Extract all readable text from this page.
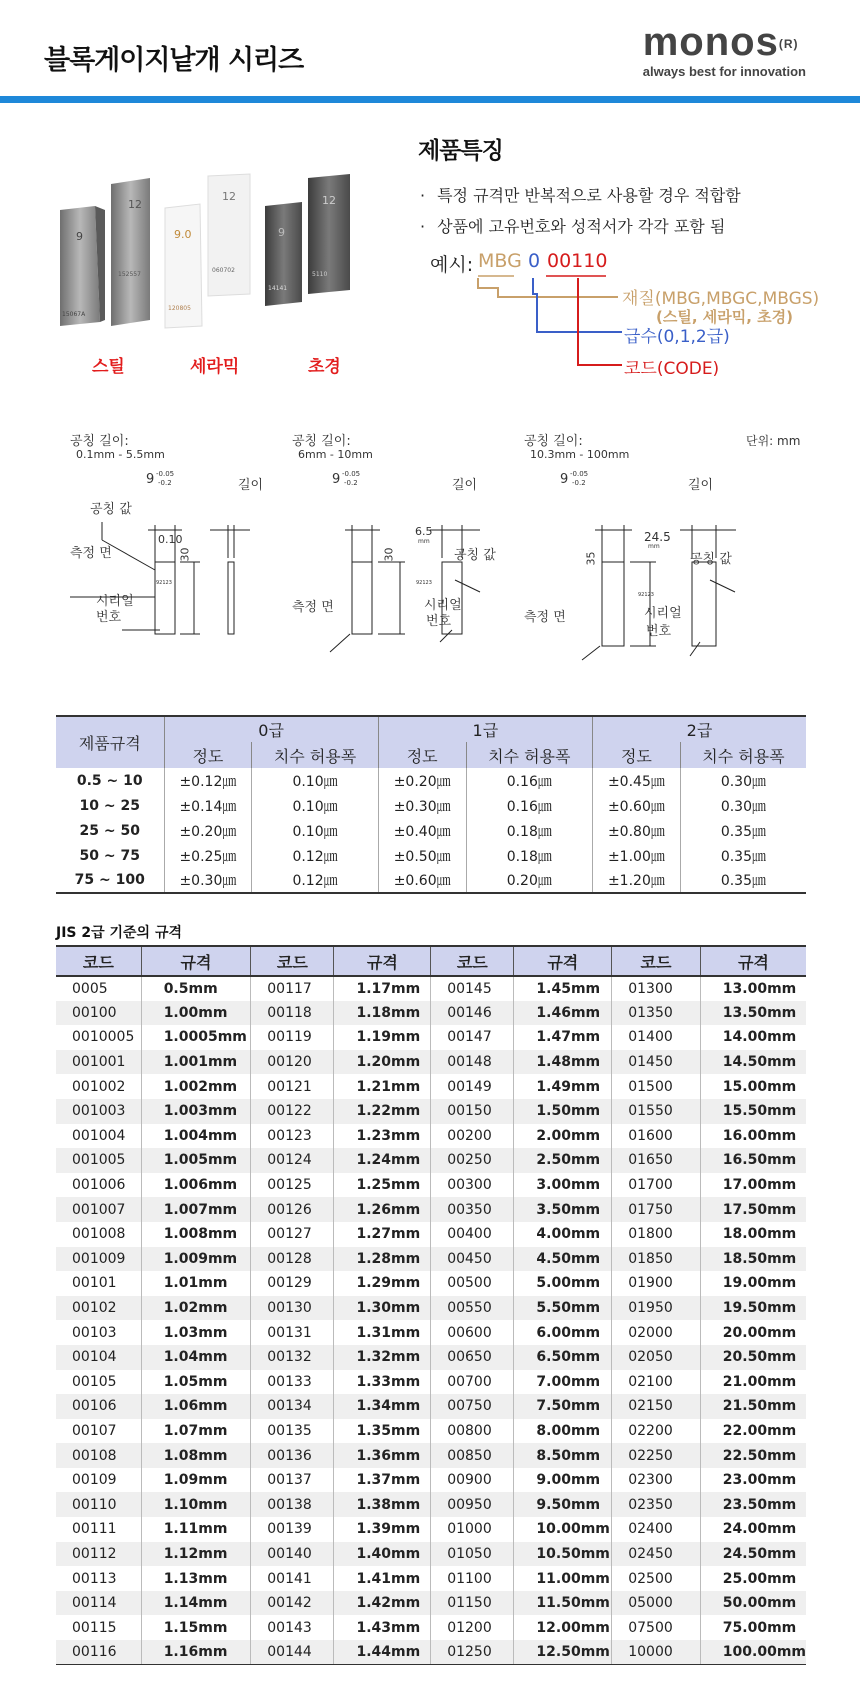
블록게이지낱개 시리즈	monos$^{(R)}$
always best for innovation
9
12
9.0
12
9
12
15067A
152557
120805
060702
14141
5110
스틸	세라믹	초경
제품특징
· 특정 규격만 반복적으로 사용할 경우 적합함
· 상품에 고유번호와 성적서가 각각 포함 됨
예시: MBG 0 00110
재질(MBG,MBGC,MBGS)
(스틸, 세라믹, 초경)
급수(0,1,2급)
코드(CODE)
단위: mm
공칭 길이:
0.1mm - 5.5mm
9 -0.05
-0.2	길이
공칭 값
0.10
30
측정 면
92123
시리얼
번호
공칭 길이:
6mm - 10mm
9 -0.05
-0.2	길이
30
6.5
mm
공칭 값
92123
측정 면	시리얼
번호
공칭 길이:
10.3mm - 100mm
9 -0.05
-0.2	길이
35
24.5
mm
공칭 값
92123
측정 면	시리얼
번호
제품규격	0급		1급		2급	
	정도	치수 허용폭	정도	치수 허용폭	정도	치수 허용폭
0.5 ~ 10	±0.12㎛	0.10㎛	±0.20㎛	0.16㎛	±0.45㎛	0.30㎛
10 ~ 25	±0.14㎛	0.10㎛	±0.30㎛	0.16㎛	±0.60㎛	0.30㎛
25 ~ 50	±0.20㎛	0.10㎛	±0.40㎛	0.18㎛	±0.80㎛	0.35㎛
50 ~ 75	±0.25㎛	0.12㎛	±0.50㎛	0.18㎛	±1.00㎛	0.35㎛
75 ~ 100	±0.30㎛	0.12㎛	±0.60㎛	0.20㎛	±1.20㎛	0.35㎛
JIS 2급 기준의 규격
코드	규격	코드	규격	코드	규격	코드	규격
0005	0.5mm	00117	1.17mm	00145	1.45mm	01300	13.00mm
00100	1.00mm	00118	1.18mm	00146	1.46mm	01350	13.50mm
0010005	1.0005mm	00119	1.19mm	00147	1.47mm	01400	14.00mm
001001	1.001mm	00120	1.20mm	00148	1.48mm	01450	14.50mm
001002	1.002mm	00121	1.21mm	00149	1.49mm	01500	15.00mm
001003	1.003mm	00122	1.22mm	00150	1.50mm	01550	15.50mm
001004	1.004mm	00123	1.23mm	00200	2.00mm	01600	16.00mm
001005	1.005mm	00124	1.24mm	00250	2.50mm	01650	16.50mm
001006	1.006mm	00125	1.25mm	00300	3.00mm	01700	17.00mm
001007	1.007mm	00126	1.26mm	00350	3.50mm	01750	17.50mm
001008	1.008mm	00127	1.27mm	00400	4.00mm	01800	18.00mm
001009	1.009mm	00128	1.28mm	00450	4.50mm	01850	18.50mm
00101	1.01mm	00129	1.29mm	00500	5.00mm	01900	19.00mm
00102	1.02mm	00130	1.30mm	00550	5.50mm	01950	19.50mm
00103	1.03mm	00131	1.31mm	00600	6.00mm	02000	20.00mm
00104	1.04mm	00132	1.32mm	00650	6.50mm	02050	20.50mm
00105	1.05mm	00133	1.33mm	00700	7.00mm	02100	21.00mm
00106	1.06mm	00134	1.34mm	00750	7.50mm	02150	21.50mm
00107	1.07mm	00135	1.35mm	00800	8.00mm	02200	22.00mm
00108	1.08mm	00136	1.36mm	00850	8.50mm	02250	22.50mm
00109	1.09mm	00137	1.37mm	00900	9.00mm	02300	23.00mm
00110	1.10mm	00138	1.38mm	00950	9.50mm	02350	23.50mm
00111	1.11mm	00139	1.39mm	01000	10.00mm	02400	24.00mm
00112	1.12mm	00140	1.40mm	01050	10.50mm	02450	24.50mm
00113	1.13mm	00141	1.41mm	01100	11.00mm	02500	25.00mm
00114	1.14mm	00142	1.42mm	01150	11.50mm	05000	50.00mm
00115	1.15mm	00143	1.43mm	01200	12.00mm	07500	75.00mm
00116	1.16mm	00144	1.44mm	01250	12.50mm	10000	100.00mm
